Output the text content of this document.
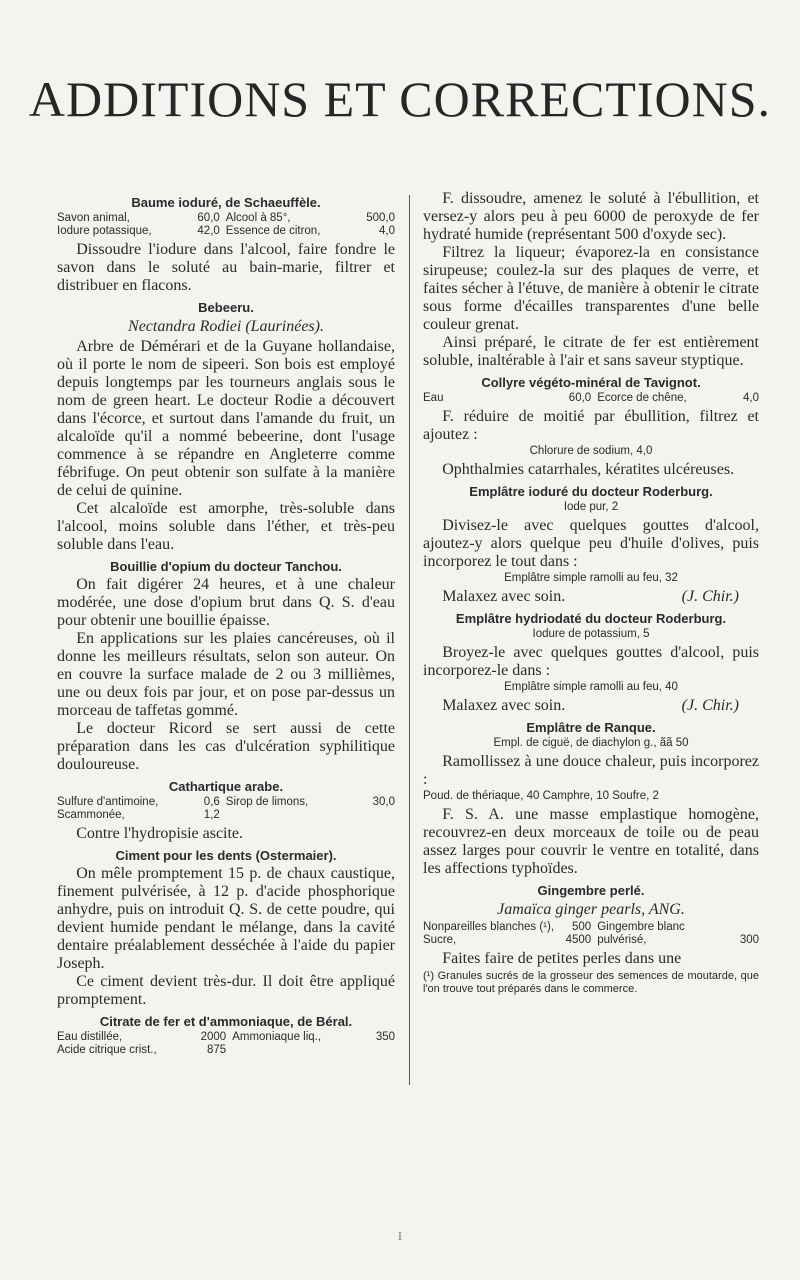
ADDITIONS ET CORRECTIONS.
Baume ioduré, de Schaeuffèle.
Savon animal,	60,0 Alcool à 85°,	500,0
Iodure potassique,	42,0 Essence de citron,	4,0

Dissoudre l'iodure dans l'alcool, faire fondre le savon dans le soluté au bain-marie, filtrer et distribuer en flacons.

Bebeeru.
Nectandra Rodiei (Laurinées).

Arbre de Démérari et de la Guyane hollandaise, où il porte le nom de sipeeri. Son bois est employé depuis longtemps par les tourneurs anglais sous le nom de green heart. Le docteur Rodie a découvert dans l'écorce, et surtout dans l'amande du fruit, un alcaloïde qu'il a nommé bebeerine, dont l'usage commence à se répandre en Angleterre comme fébrifuge. On peut obtenir son sulfate à la manière de celui de quinine.

Cet alcaloïde est amorphe, très-soluble dans l'alcool, moins soluble dans l'éther, et très-peu soluble dans l'eau.

Bouillie d'opium du docteur Tanchou.

On fait digérer 24 heures, et à une chaleur modérée, une dose d'opium brut dans Q. S. d'eau pour obtenir une bouillie épaisse.

En applications sur les plaies cancéreuses, où il donne les meilleurs résultats, selon son auteur. On en couvre la surface malade de 2 ou 3 millièmes, une ou deux fois par jour, et on pose par-dessus un morceau de taffetas gommé.

Le docteur Ricord se sert aussi de cette préparation dans les cas d'ulcération syphilitique douloureuse.

Cathartique arabe.
Sulfure d'antimoine,	0,6 Sirop de limons,	30,0
Scammonée,	1,2

Contre l'hydropisie ascite.

Ciment pour les dents (Ostermaier).

On mêle promptement 15 p. de chaux caustique, finement pulvérisée, à 12 p. d'acide phosphorique anhydre, puis on introduit Q. S. de cette poudre, qui devient humide pendant le mélange, dans la cavité dentaire préalablement desséchée à l'aide du papier Joseph.

Ce ciment devient très-dur. Il doit être appliqué promptement.

Citrate de fer et d'ammoniaque, de Béral.
Eau distillée,	2000 Ammoniaque liq.,	350
Acide citrique crist.,	875

F. dissoudre, amenez le soluté à l'ébullition, et versez-y alors peu à peu 6000 de peroxyde de fer hydraté humide (représentant 500 d'oxyde sec).

Filtrez la liqueur; évaporez-la en consistance sirupeuse; coulez-la sur des plaques de verre, et faites sécher à l'étuve, de manière à obtenir le citrate sous forme d'écailles transparentes d'une belle couleur grenat.

Ainsi préparé, le citrate de fer est entièrement soluble, inaltérable à l'air et sans saveur styptique.

Collyre végéto-minéral de Tavignot.
Eau	60,0 Ecorce de chêne,	4,0

F. réduire de moitié par ébullition, filtrez et ajoutez :

Chlorure de sodium, 4,0

Ophthalmies catarrhales, kératites ulcéreuses.

Emplâtre ioduré du docteur Roderburg.
Iode pur, 2

Divisez-le avec quelques gouttes d'alcool, ajoutez-y alors quelque peu d'huile d'olives, puis incorporez le tout dans :

Emplâtre simple ramolli au feu, 32

Malaxez avec soin.	(J. Chir.)

Emplâtre hydriodaté du docteur Roderburg.
Iodure de potassium, 5

Broyez-le avec quelques gouttes d'alcool, puis incorporez-le dans :

Emplâtre simple ramolli au feu, 40

Malaxez avec soin.	(J. Chir.)

Emplâtre de Ranque.
Empl. de ciguë, de diachylon g., ãã 50

Ramollissez à une douce chaleur, puis incorporez :

Poud. de thériaque, 40 Camphre, 10 Soufre, 2

F. S. A. une masse emplastique homogène, recouvrez-en deux morceaux de toile ou de peau assez larges pour couvrir le ventre en totalité, dans les affections typhoïdes.

Gingembre perlé.
Jamaïca ginger pearls, ANG.
Nonpareilles blanches (¹),	500 Gingembre blanc
Sucre,	4500 pulvérisé,	300

Faites faire de petites perles dans une

(¹) Granules sucrés de la grosseur des semences de moutarde, que l'on trouve tout préparés dans le commerce.
I
